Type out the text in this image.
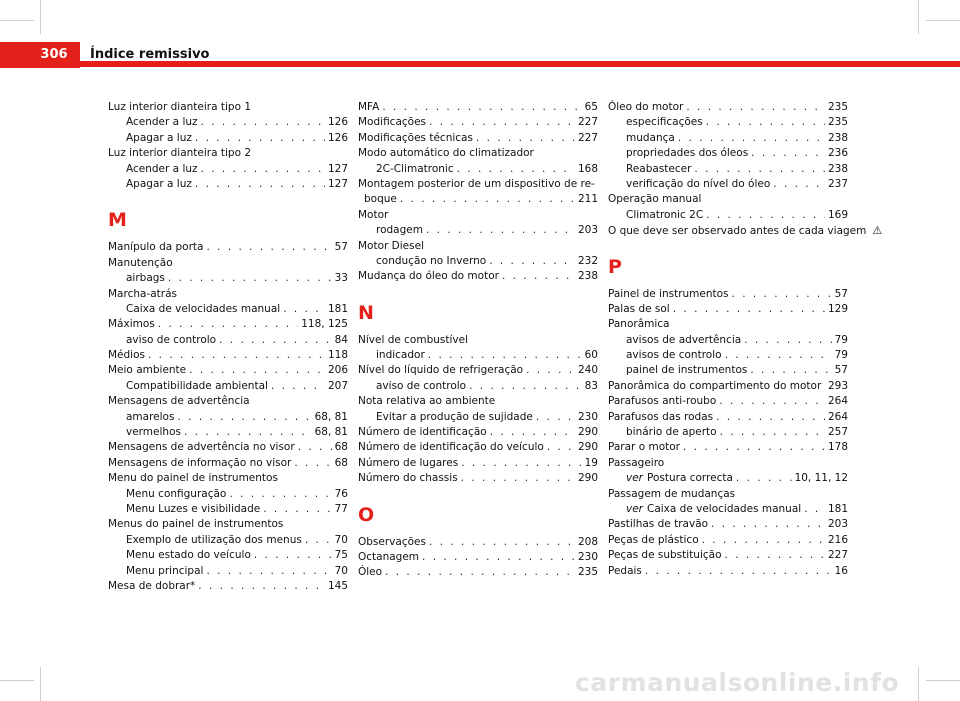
306	Índice remissivo
Luz interior dianteira tipo 1
Acender a luz . . .	126
Apagar a luz . . .	126
Luz interior dianteira tipo 2
Acender a luz . . .	127
Apagar a luz . . .	127
M
Manípulo da porta . . .	57
Manutenção
airbags . . .	33
Marcha-atrás
Caixa de velocidades manual . . .	181
Máximos . . .	118, 125
aviso de controlo . . .	84
Médios . . .	118
Meio ambiente . . .	206
Compatibilidade ambiental . . .	207
Mensagens de advertência
amarelos . . .	68, 81
vermelhos . . .	68, 81
Mensagens de advertência no visor . . .	68
Mensagens de informação no visor . . .	68
Menu do painel de instrumentos
Menu configuração . . .	76
Menu Luzes e visibilidade . . .	77
Menus do painel de instrumentos
Exemplo de utilização dos menus . . .	70
Menu estado do veículo . . .	75
Menu principal . . .	70
Mesa de dobrar* . . .	145
MFA . . .	65
Modificações . . .	227
Modificações técnicas . . .	227
Modo automático do climatizador
2C-Climatronic . . .	168
Montagem posterior de um dispositivo de re-
boque . . .	211
Motor
rodagem . . .	203
Motor Diesel
condução no Inverno . . .	232
Mudança do óleo do motor . . .	238
N
Nível de combustível
indicador . . .	60
Nível do líquido de refrigeração . . .	240
aviso de controlo . . .	83
Nota relativa ao ambiente
Evitar a produção de sujidade . . .	230
Número de identificação . . .	290
Número de identificação do veículo . . .	290
Número de lugares . . .	19
Número do chassis . . .	290
O
Observações . . .	208
Octanagem . . .	230
Óleo . . .	235
Óleo do motor . . .	235
especificações . . .	235
mudança . . .	238
propriedades dos óleos . . .	236
Reabastecer . . .	238
verificação do nível do óleo . . .	237
Operação manual
Climatronic 2C . . .	169
O que deve ser observado antes de cada viagem ⚠
P
Painel de instrumentos . . .	57
Palas de sol . . .	129
Panorâmica
avisos de advertência . . .	79
avisos de controlo . . .	79
painel de instrumentos . . .	57
Panorâmica do compartimento do motor . . . 293
Parafusos anti-roubo . . .	264
Parafusos das rodas . . .	264
binário de aperto . . .	257
Parar o motor . . .	178
Passageiro
ver Postura correcta . . .	10, 11, 12
Passagem de mudanças
ver Caixa de velocidades manual . . .	181
Pastilhas de travão . . .	203
Peças de plástico . . .	216
Peças de substituição . . .	227
Pedais . . .	16
carmanualsonline.info
